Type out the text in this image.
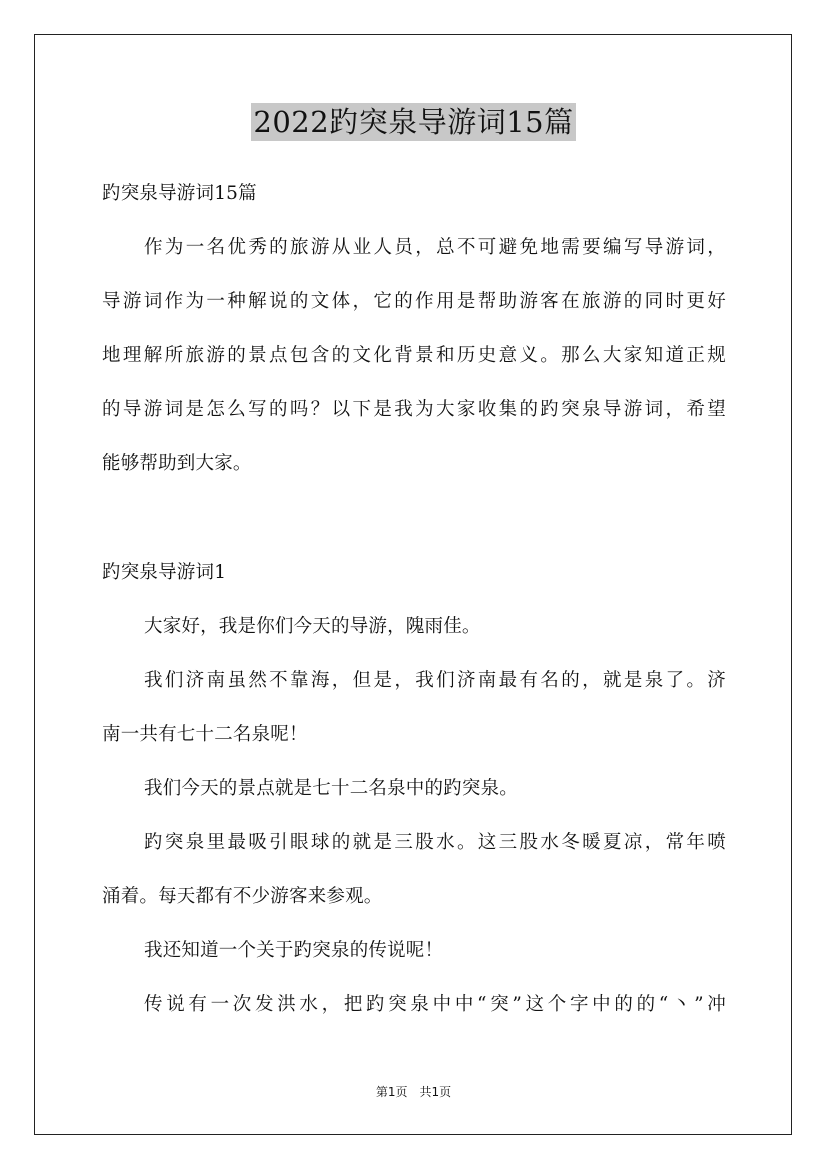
2022趵突泉导游词15篇
趵突泉导游词15篇
作为一名优秀的旅游从业人员，总不可避免地需要编写导游词，
导游词作为一种解说的文体，它的作用是帮助游客在旅游的同时更好
地理解所旅游的景点包含的文化背景和历史意义。那么大家知道正规
的导游词是怎么写的吗？以下是我为大家收集的趵突泉导游词，希望
能够帮助到大家。
趵突泉导游词1
大家好，我是你们今天的导游，隗雨佳。
我们济南虽然不靠海，但是，我们济南最有名的，就是泉了。济
南一共有七十二名泉呢！
我们今天的景点就是七十二名泉中的趵突泉。
趵突泉里最吸引眼球的就是三股水。这三股水冬暖夏凉，常年喷
涌着。每天都有不少游客来参观。
我还知道一个关于趵突泉的传说呢！
传说有一次发洪水，把趵突泉中中“突”这个字中的的“丶”冲
第1页 共1页
